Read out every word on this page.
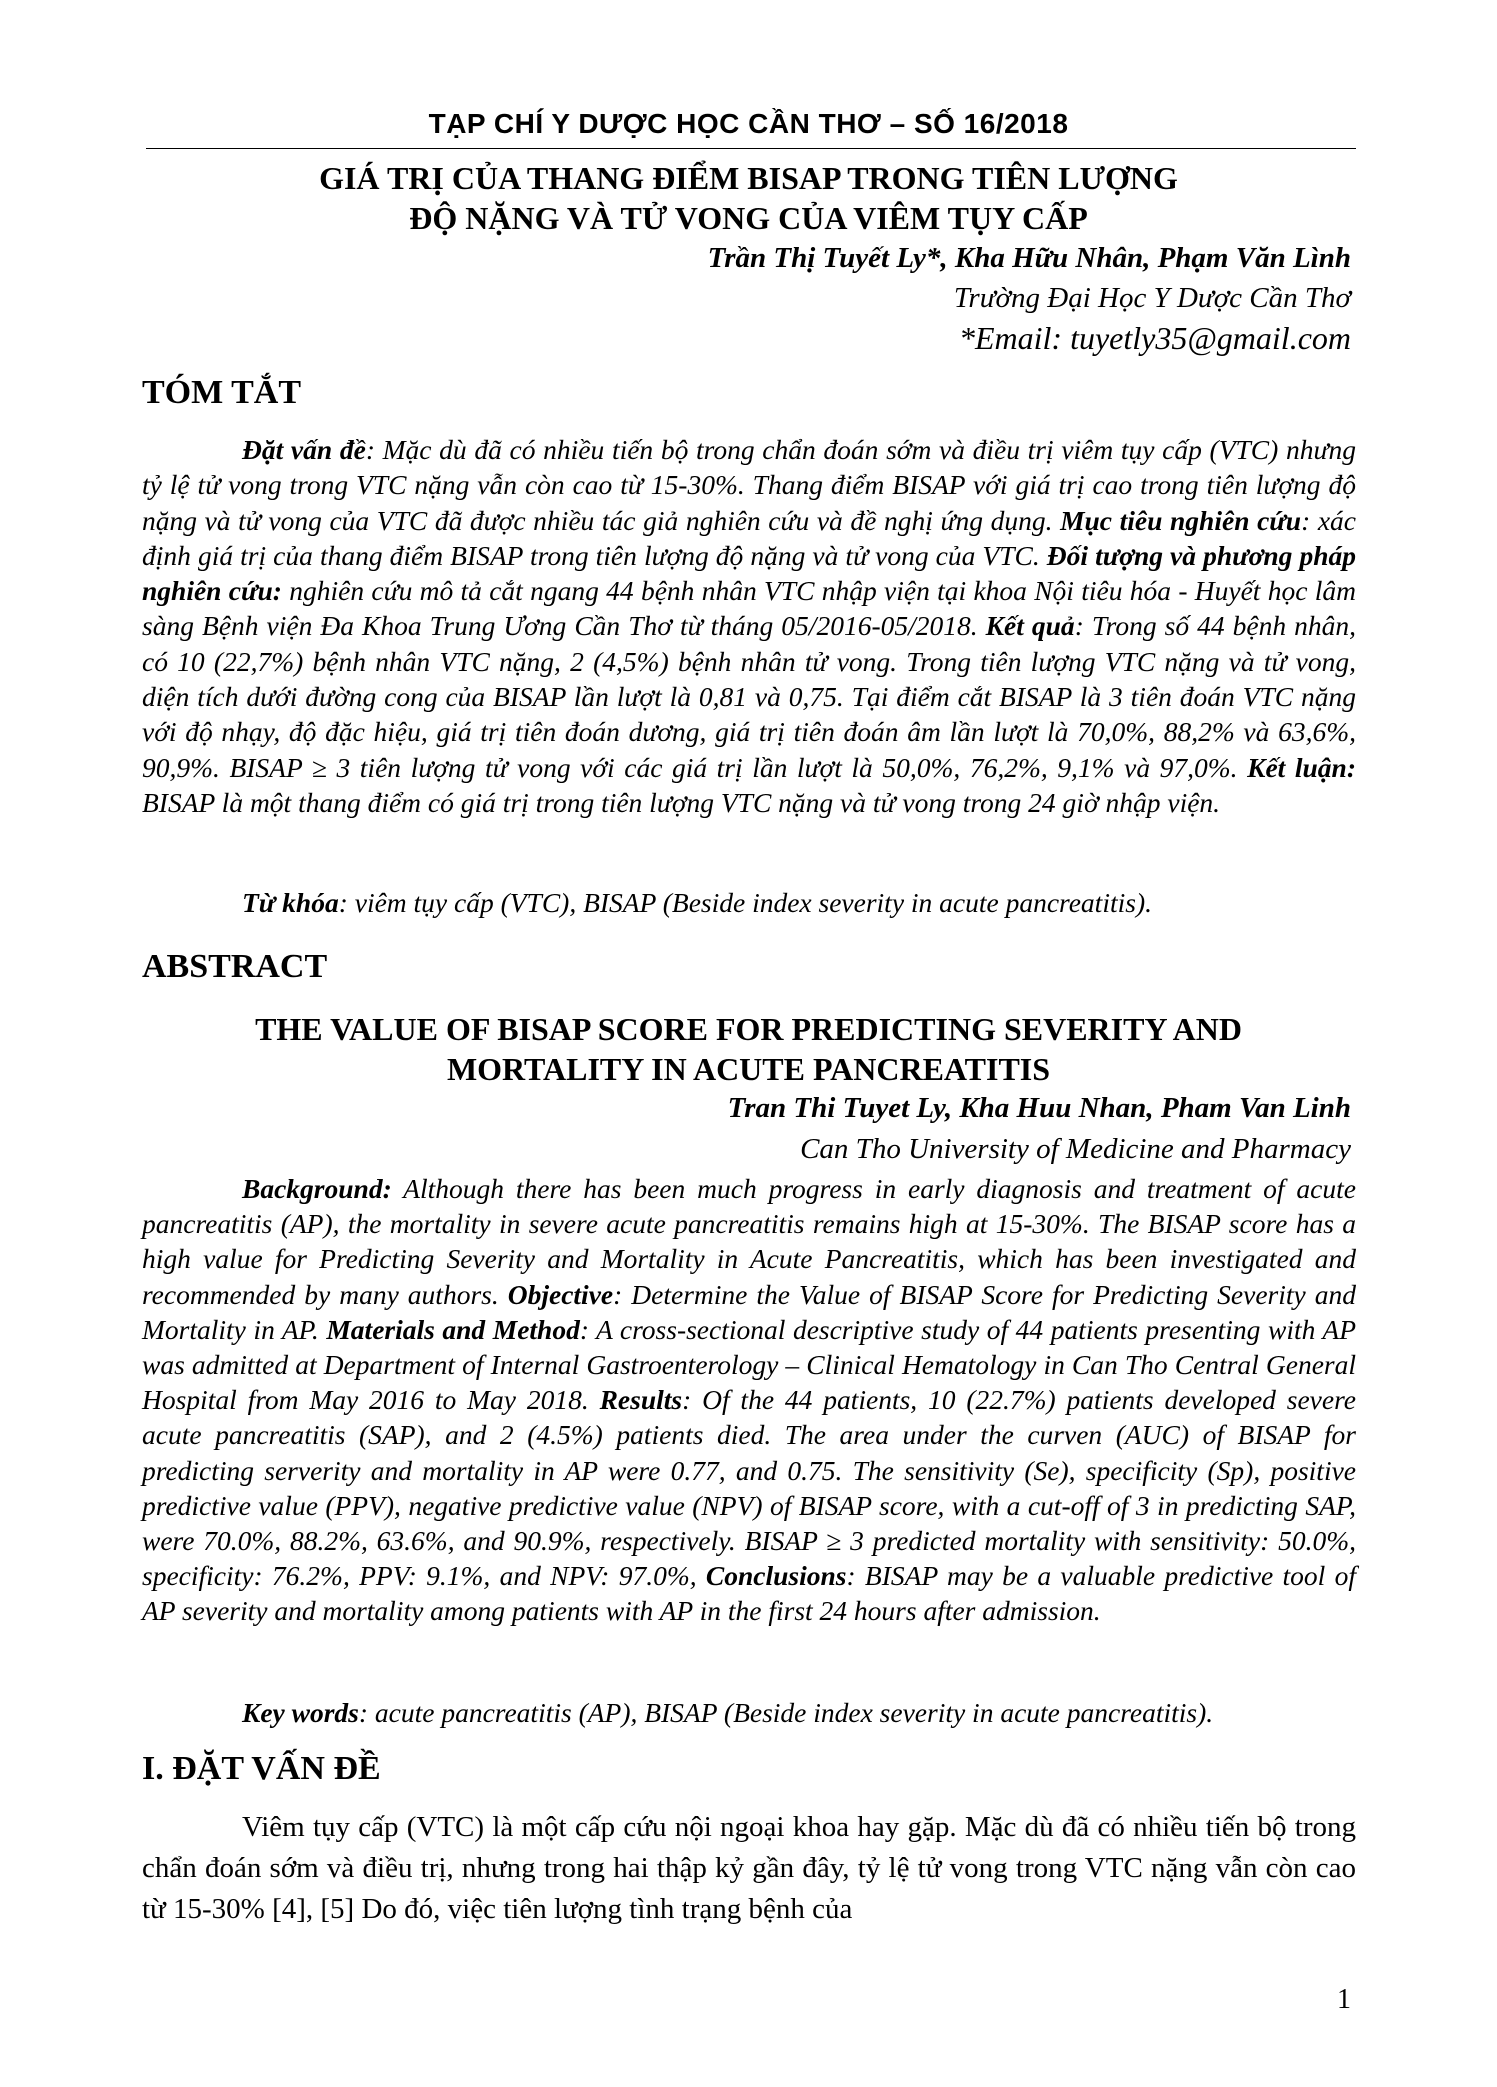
TẠP CHÍ Y DƯỢC HỌC CẦN THƠ – SỐ 16/2018
GIÁ TRỊ CỦA THANG ĐIỂM BISAP TRONG TIÊN LƯỢNG
ĐỘ NẶNG VÀ TỬ VONG CỦA VIÊM TỤY CẤP
Trần Thị Tuyết Ly*, Kha Hữu Nhân, Phạm Văn Lình
Trường Đại Học Y Dược Cần Thơ
*Email: tuyetly35@gmail.com
TÓM TẮT
Đặt vấn đề: Mặc dù đã có nhiều tiến bộ trong chẩn đoán sớm và điều trị viêm tụy cấp (VTC) nhưng tỷ lệ tử vong trong VTC nặng vẫn còn cao từ 15-30%. Thang điểm BISAP với giá trị cao trong tiên lượng độ nặng và tử vong của VTC đã được nhiều tác giả nghiên cứu và đề nghị ứng dụng. Mục tiêu nghiên cứu: xác định giá trị của thang điểm BISAP trong tiên lượng độ nặng và tử vong của VTC. Đối tượng và phương pháp nghiên cứu: nghiên cứu mô tả cắt ngang 44 bệnh nhân VTC nhập viện tại khoa Nội tiêu hóa - Huyết học lâm sàng Bệnh viện Đa Khoa Trung Ương Cần Thơ từ tháng 05/2016-05/2018. Kết quả: Trong số 44 bệnh nhân, có 10 (22,7%) bệnh nhân VTC nặng, 2 (4,5%) bệnh nhân tử vong. Trong tiên lượng VTC nặng và tử vong, diện tích dưới đường cong của BISAP lần lượt là 0,81 và 0,75. Tại điểm cắt BISAP là 3 tiên đoán VTC nặng với độ nhạy, độ đặc hiệu, giá trị tiên đoán dương, giá trị tiên đoán âm lần lượt là 70,0%, 88,2% và 63,6%, 90,9%. BISAP ≥ 3 tiên lượng tử vong với các giá trị lần lượt là 50,0%, 76,2%, 9,1% và 97,0%. Kết luận: BISAP là một thang điểm có giá trị trong tiên lượng VTC nặng và tử vong trong 24 giờ nhập viện.
Từ khóa: viêm tụy cấp (VTC), BISAP (Beside index severity in acute pancreatitis).
ABSTRACT
THE VALUE OF BISAP SCORE FOR PREDICTING SEVERITY AND
MORTALITY IN ACUTE PANCREATITIS
Tran Thi Tuyet Ly, Kha Huu Nhan, Pham Van Linh
Can Tho University of Medicine and Pharmacy
Background: Although there has been much progress in early diagnosis and treatment of acute pancreatitis (AP), the mortality in severe acute pancreatitis remains high at 15-30%. The BISAP score has a high value for Predicting Severity and Mortality in Acute Pancreatitis, which has been investigated and recommended by many authors. Objective: Determine the Value of BISAP Score for Predicting Severity and Mortality in AP. Materials and Method: A cross-sectional descriptive study of 44 patients presenting with AP was admitted at Department of Internal Gastroenterology – Clinical Hematology in Can Tho Central General Hospital from May 2016 to May 2018. Results: Of the 44 patients, 10 (22.7%) patients developed severe acute pancreatitis (SAP), and 2 (4.5%) patients died. The area under the curven (AUC) of BISAP for predicting serverity and mortality in AP were 0.77, and 0.75. The sensitivity (Se), specificity (Sp), positive predictive value (PPV), negative predictive value (NPV) of BISAP score, with a cut-off of 3 in predicting SAP, were 70.0%, 88.2%, 63.6%, and 90.9%, respectively. BISAP ≥ 3 predicted mortality with sensitivity: 50.0%, specificity: 76.2%, PPV: 9.1%, and NPV: 97.0%, Conclusions: BISAP may be a valuable predictive tool of AP severity and mortality among patients with AP in the first 24 hours after admission.
Key words: acute pancreatitis (AP), BISAP (Beside index severity in acute pancreatitis).
I. ĐẶT VẤN ĐỀ
Viêm tụy cấp (VTC) là một cấp cứu nội ngoại khoa hay gặp. Mặc dù đã có nhiều tiến bộ trong chẩn đoán sớm và điều trị, nhưng trong hai thập kỷ gần đây, tỷ lệ tử vong trong VTC nặng vẫn còn cao từ 15-30% [4], [5] Do đó, việc tiên lượng tình trạng bệnh của
1
